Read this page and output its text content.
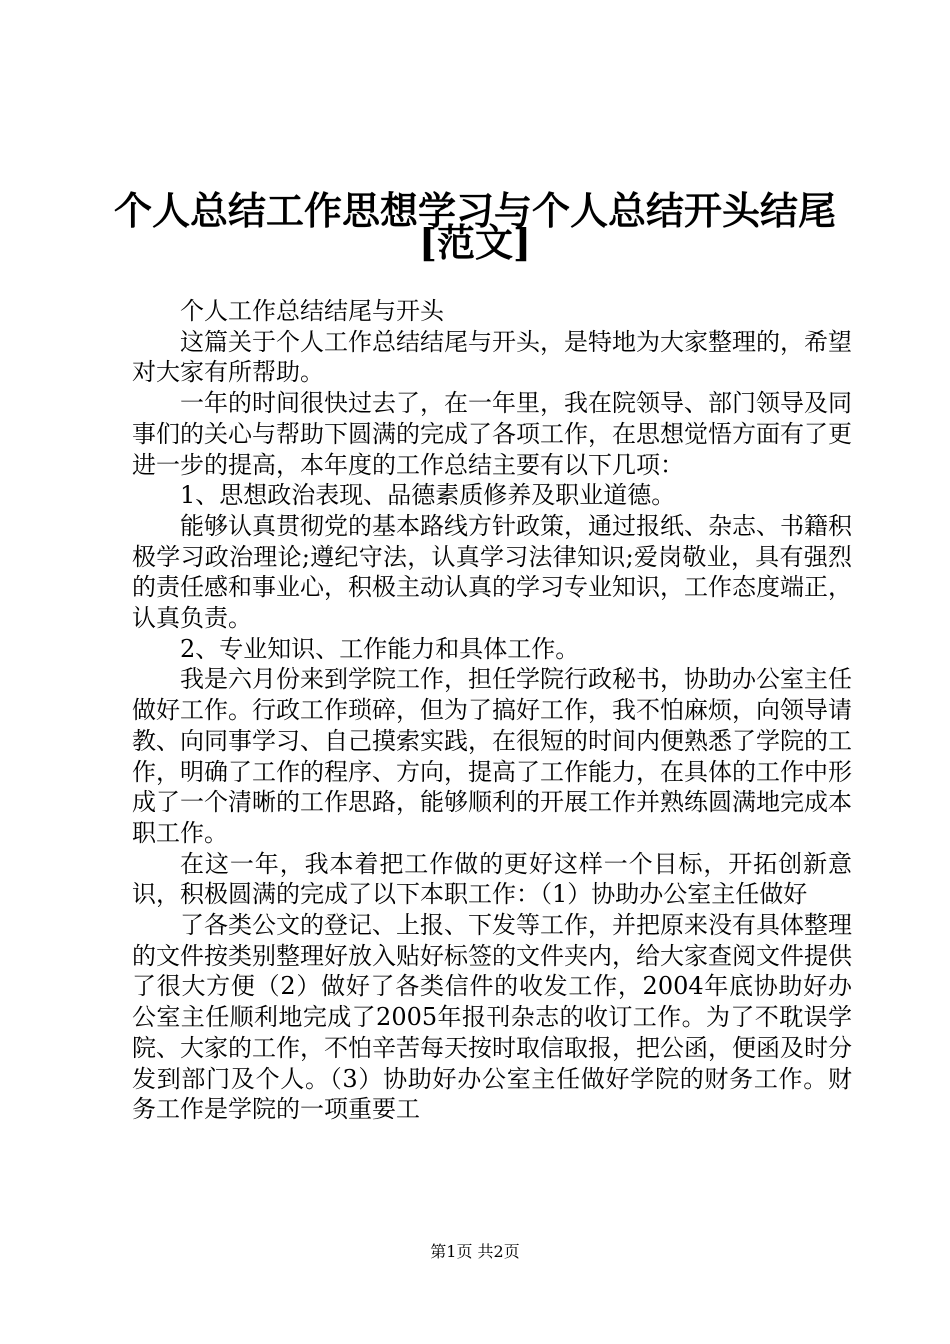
个人总结工作思想学习与个人总结开头结尾
[范文]

个人工作总结结尾与开头

这篇关于个人工作总结结尾与开头，是特地为大家整理的，希望对大家有所帮助。

一年的时间很快过去了，在一年里，我在院领导、部门领导及同事们的关心与帮助下圆满的完成了各项工作，在思想觉悟方面有了更进一步的提高，本年度的工作总结主要有以下几项：

1、思想政治表现、品德素质修养及职业道德。

能够认真贯彻党的基本路线方针政策，通过报纸、杂志、书籍积极学习政治理论;遵纪守法，认真学习法律知识;爱岗敬业，具有强烈的责任感和事业心，积极主动认真的学习专业知识，工作态度端正，认真负责。

2、专业知识、工作能力和具体工作。

我是六月份来到学院工作，担任学院行政秘书，协助办公室主任做好工作。行政工作琐碎，但为了搞好工作，我不怕麻烦，向领导请教、向同事学习、自己摸索实践，在很短的时间内便熟悉了学院的工作，明确了工作的程序、方向，提高了工作能力，在具体的工作中形成了一个清晰的工作思路，能够顺利的开展工作并熟练圆满地完成本职工作。

在这一年，我本着把工作做的更好这样一个目标，开拓创新意识，积极圆满的完成了以下本职工作：（1）协助办公室主任做好

了各类公文的登记、上报、下发等工作，并把原来没有具体整理的文件按类别整理好放入贴好标签的文件夹内，给大家查阅文件提供了很大方便（2）做好了各类信件的收发工作，2004年底协助好办公室主任顺利地完成了2005年报刊杂志的收订工作。为了不耽误学院、大家的工作，不怕辛苦每天按时取信取报，把公函，便函及时分发到部门及个人。（3）协助好办公室主任做好学院的财务工作。财务工作是学院的一项重要工

第1页 共2页
